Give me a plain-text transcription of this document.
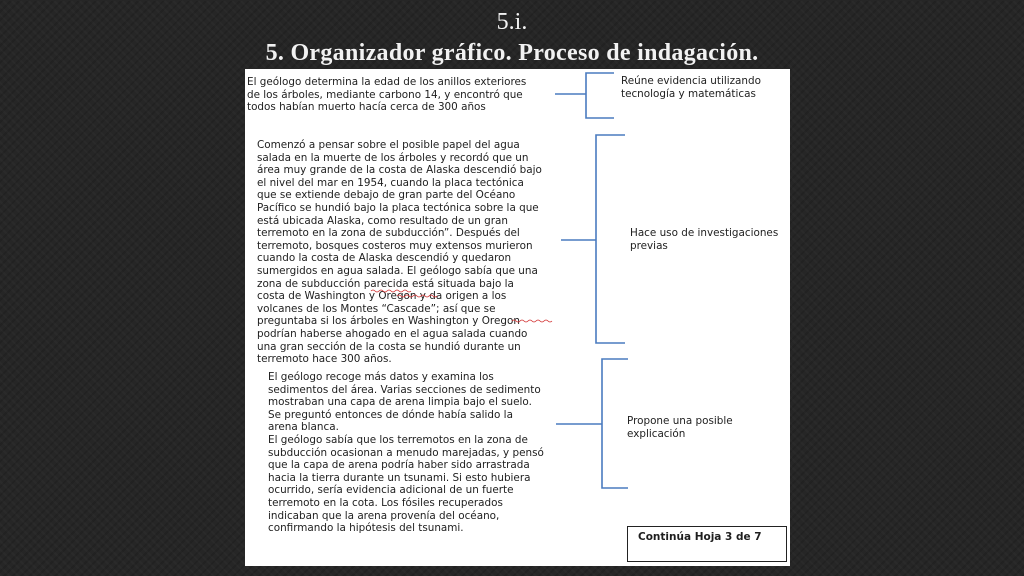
5.i.
5. Organizador gráfico. Proceso de indagación.
El geólogo determina la edad de los anillos exteriores
de los árboles, mediante carbono 14, y encontró que
todos habían muerto hacía cerca de 300 años
Reúne evidencia utilizando
tecnología y matemáticas
Comenzó a pensar sobre el posible papel del agua
salada en la muerte de los árboles y recordó que un
área muy grande de la costa de Alaska descendió bajo
el nivel del mar en 1954, cuando la placa tectónica
que se extiende debajo de gran parte del Océano
Pacífico se hundió bajo la placa tectónica sobre la que
está ubicada Alaska, como resultado de un gran
terremoto en la zona de subducción”. Después del
terremoto, bosques costeros muy extensos murieron
cuando la costa de Alaska descendió y quedaron
sumergidos en agua salada. El geólogo sabía que una
zona de subducción parecida está situada bajo la
costa de Washington y Oregon y da origen a los
volcanes de los Montes “Cascade”; así que se
preguntaba si los árboles en Washington y Oregon
podrían haberse ahogado en el agua salada cuando
una gran sección de la costa se hundió durante un
terremoto hace 300 años.
Hace uso de investigaciones
previas
El geólogo recoge más datos y examina los
sedimentos del área. Varias secciones de sedimento
mostraban una capa de arena limpia bajo el suelo.
Se preguntó entonces de dónde había salido la
arena blanca.
El geólogo sabía que los terremotos en la zona de
subducción ocasionan a menudo marejadas, y pensó
que la capa de arena podría haber sido arrastrada
hacia la tierra durante un tsunami. Si esto hubiera
ocurrido, sería evidencia adicional de un fuerte
terremoto en la cota. Los fósiles recuperados
indicaban que la arena provenía del océano,
confirmando la hipótesis del tsunami.
Propone una posible
explicación
Continúa Hoja 3 de 7
